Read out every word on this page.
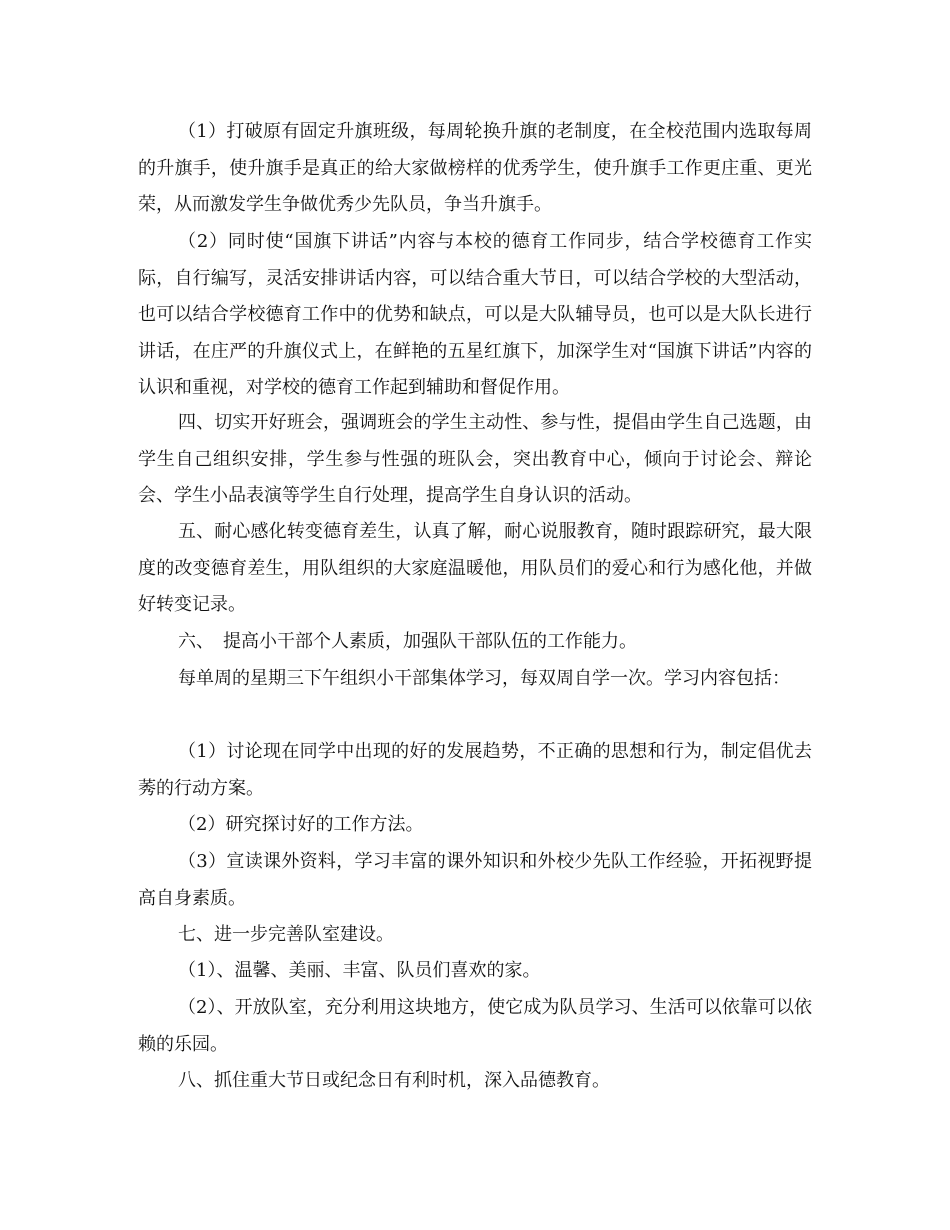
（1）打破原有固定升旗班级，每周轮换升旗的老制度，在全校范围内选取每周的升旗手，使升旗手是真正的给大家做榜样的优秀学生，使升旗手工作更庄重、更光荣，从而激发学生争做优秀少先队员，争当升旗手。

（2）同时使“国旗下讲话”内容与本校的德育工作同步，结合学校德育工作实际，自行编写，灵活安排讲话内容，可以结合重大节日，可以结合学校的大型活动，也可以结合学校德育工作中的优势和缺点，可以是大队辅导员，也可以是大队长进行讲话，在庄严的升旗仪式上，在鲜艳的五星红旗下，加深学生对“国旗下讲话”内容的认识和重视，对学校的德育工作起到辅助和督促作用。

四、切实开好班会，强调班会的学生主动性、参与性，提倡由学生自己选题，由学生自己组织安排，学生参与性强的班队会，突出教育中心，倾向于讨论会、辩论会、学生小品表演等学生自行处理，提高学生自身认识的活动。

五、耐心感化转变德育差生，认真了解，耐心说服教育，随时跟踪研究，最大限度的改变德育差生，用队组织的大家庭温暖他，用队员们的爱心和行为感化他，并做好转变记录。

六、　提高小干部个人素质，加强队干部队伍的工作能力。

每单周的星期三下午组织小干部集体学习，每双周自学一次。学习内容包括：

（1）讨论现在同学中出现的好的发展趋势，不正确的思想和行为，制定倡优去莠的行动方案。

（2）研究探讨好的工作方法。

（3）宣读课外资料，学习丰富的课外知识和外校少先队工作经验，开拓视野提高自身素质。

七、进一步完善队室建设。

（1）、温馨、美丽、丰富、队员们喜欢的家。

（2）、开放队室，充分利用这块地方，使它成为队员学习、生活可以依靠可以依赖的乐园。

八、抓住重大节日或纪念日有利时机，深入品德教育。
